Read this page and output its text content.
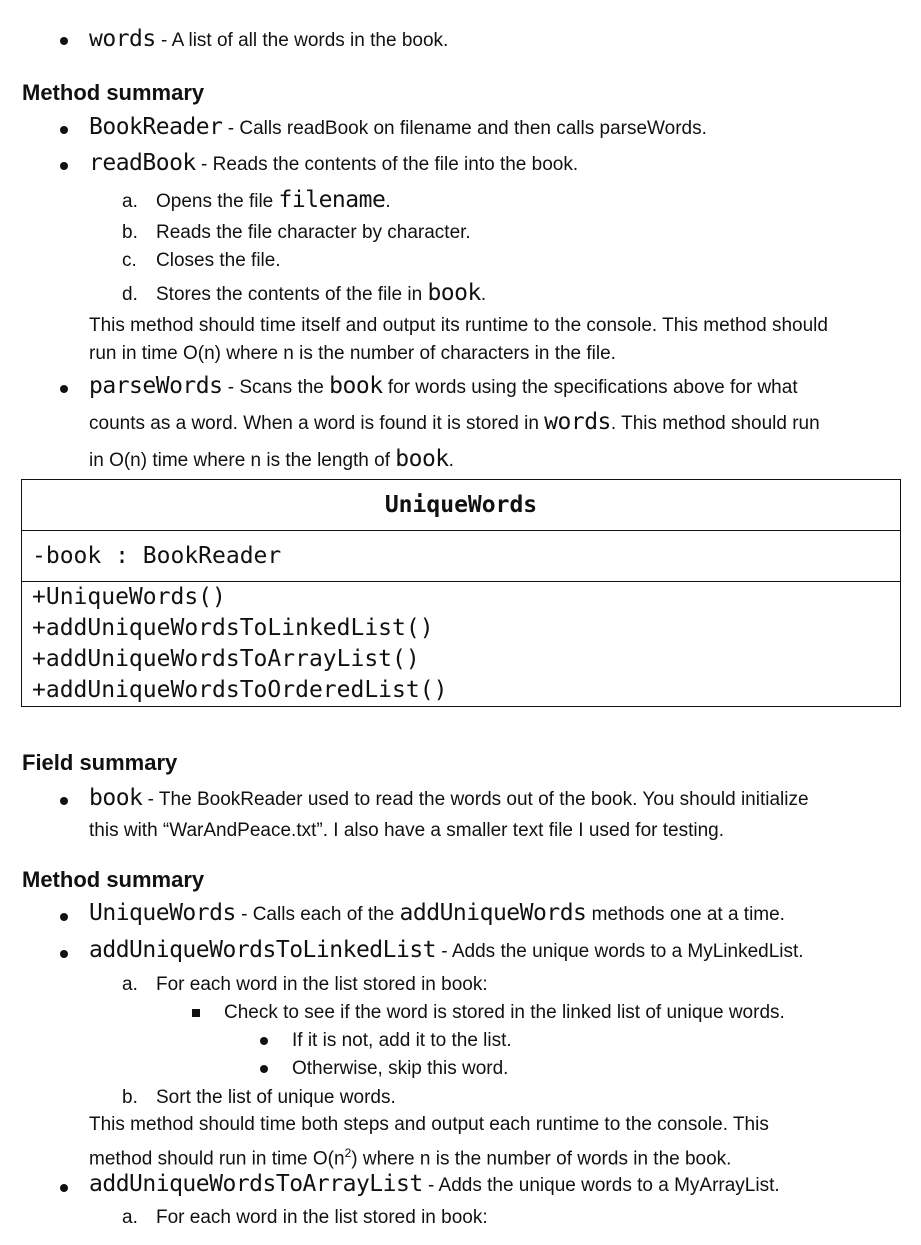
words - A list of all the words in the book.
Method summary
BookReader - Calls readBook on filename and then calls parseWords.
readBook - Reads the contents of the file into the book.
a. Opens the file filename.
b. Reads the file character by character.
c. Closes the file.
d. Stores the contents of the file in book.
This method should time itself and output its runtime to the console. This method should
run in time O(n) where n is the number of characters in the file.
parseWords - Scans the book for words using the specifications above for what
counts as a word. When a word is found it is stored in words. This method should run
in O(n) time where n is the length of book.
UniqueWords
-book : BookReader

+UniqueWords()
+addUniqueWordsToLinkedList()
+addUniqueWordsToArrayList()
+addUniqueWordsToOrderedList()
Field summary
book - The BookReader used to read the words out of the book. You should initialize
this with “WarAndPeace.txt”. I also have a smaller text file I used for testing.
Method summary
UniqueWords - Calls each of the addUniqueWords methods one at a time.
addUniqueWordsToLinkedList - Adds the unique words to a MyLinkedList.
a. For each word in the list stored in book:
Check to see if the word is stored in the linked list of unique words.
If it is not, add it to the list.
Otherwise, skip this word.
b. Sort the list of unique words.
This method should time both steps and output each runtime to the console. This
method should run in time $O(n^2)$ where n is the number of words in the book.
addUniqueWordsToArrayList - Adds the unique words to a MyArrayList.
a. For each word in the list stored in book:
